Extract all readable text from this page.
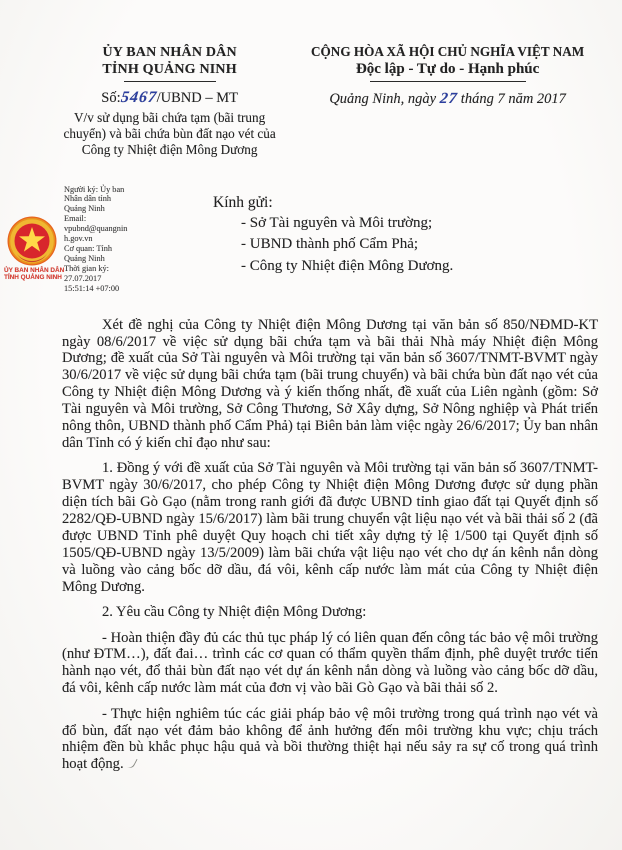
ỦY BAN NHÂN DÂN
TỈNH QUẢNG NINH
Số:5467/UBND – MT
V/v sử dụng bãi chứa tạm (bãi trung chuyển) và bãi chứa bùn đất nạo vét của Công ty Nhiệt điện Mông Dương
CỘNG HÒA XÃ HỘI CHỦ NGHĨA VIỆT NAM
Độc lập - Tự do - Hạnh phúc
Quảng Ninh, ngày 27 tháng 7 năm 2017
ỦY BAN NHÂN DÂN
TỈNH QUẢNG NINH
Người ký: Ủy ban Nhân dân tỉnh Quảng Ninh
Email: vpubnd@quangninh.gov.vn
Cơ quan: Tỉnh Quảng Ninh
Thời gian ký: 27.07.2017 15:51:14 +07:00
Kính gửi:
- Sở Tài nguyên và Môi trường;
- UBND thành phố Cẩm Phả;
- Công ty Nhiệt điện Mông Dương.

Xét đề nghị của Công ty Nhiệt điện Mông Dương tại văn bản số 850/NĐMD-KT ngày 08/6/2017 về việc sử dụng bãi chứa tạm và bãi thải Nhà máy Nhiệt điện Mông Dương; đề xuất của Sở Tài nguyên và Môi trường tại văn bản số 3607/TNMT-BVMT ngày 30/6/2017 về việc sử dụng bãi chứa tạm (bãi trung chuyển) và bãi chứa bùn đất nạo vét của Công ty Nhiệt điện Mông Dương và ý kiến thống nhất, đề xuất của Liên ngành (gồm: Sở Tài nguyên và Môi trường, Sở Công Thương, Sở Xây dựng, Sở Nông nghiệp và Phát triển nông thôn, UBND thành phố Cẩm Phả) tại Biên bản làm việc ngày 26/6/2017; Ủy ban nhân dân Tỉnh có ý kiến chỉ đạo như sau:

1. Đồng ý với đề xuất của Sở Tài nguyên và Môi trường tại văn bản số 3607/TNMT-BVMT ngày 30/6/2017, cho phép Công ty Nhiệt điện Mông Dương được sử dụng phần diện tích bãi Gò Gạo (nằm trong ranh giới đã được UBND tỉnh giao đất tại Quyết định số 2282/QĐ-UBND ngày 15/6/2017) làm bãi trung chuyển vật liệu nạo vét và bãi thải số 2 (đã được UBND Tỉnh phê duyệt Quy hoạch chi tiết xây dựng tỷ lệ 1/500 tại Quyết định số 1505/QĐ-UBND ngày 13/5/2009) làm bãi chứa vật liệu nạo vét cho dự án kênh nắn dòng và luồng vào cảng bốc dỡ dầu, đá vôi, kênh cấp nước làm mát của Công ty Nhiệt điện Mông Dương.

2. Yêu cầu Công ty Nhiệt điện Mông Dương:

- Hoàn thiện đầy đủ các thủ tục pháp lý có liên quan đến công tác bảo vệ môi trường (như ĐTM…), đất đai… trình các cơ quan có thẩm quyền thẩm định, phê duyệt trước tiến hành nạo vét, đổ thải bùn đất nạo vét dự án kênh nắn dòng và luồng vào cảng bốc dỡ dầu, đá vôi, kênh cấp nước làm mát của đơn vị vào bãi Gò Gạo và bãi thải số 2.

- Thực hiện nghiêm túc các giải pháp bảo vệ môi trường trong quá trình nạo vét và đổ bùn, đất nạo vét đảm bảo không để ảnh hưởng đến môi trường khu vực; chịu trách nhiệm đền bù khắc phục hậu quả và bồi thường thiệt hại nếu sảy ra sự cố trong quá trình hoạt động.
